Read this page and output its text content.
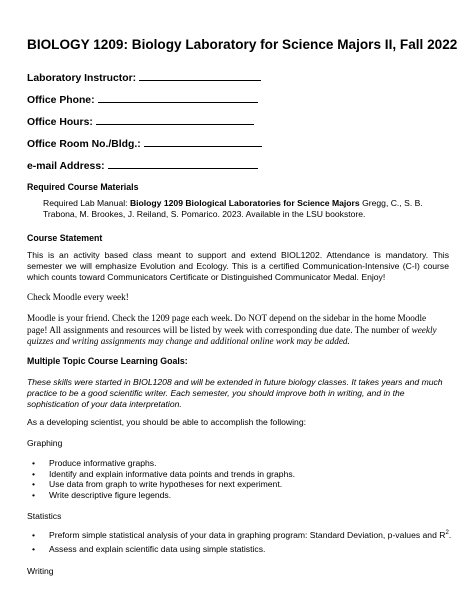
BIOLOGY 1209: Biology Laboratory for Science Majors II, Fall 2022
Laboratory Instructor:
Office Phone:
Office Hours:
Office Room No./Bldg.:
e-mail Address:
Required Course Materials
Required Lab Manual: Biology 1209 Biological Laboratories for Science Majors Gregg, C., S. B.
Trabona, M. Brookes, J. Reiland, S. Pomarico. 2023. Available in the LSU bookstore.
Course Statement
This is an activity based class meant to support and extend BIOL1202. Attendance is mandatory. This semester we will emphasize Evolution and Ecology. This is a certified Communication-Intensive (C-I) course which counts toward Communicators Certificate or Distinguished Communicator Medal. Enjoy!
Check Moodle every week!
Moodle is your friend. Check the 1209 page each week. Do NOT depend on the sidebar in the home Moodle page! All assignments and resources will be listed by week with corresponding due date. The number of weekly quizzes and writing assignments may change and additional online work may be added.
Multiple Topic Course Learning Goals:
These skills were started in BIOL1208 and will be extended in future biology classes. It takes years and much practice to be a good scientific writer. Each semester, you should improve both in writing, and in the sophistication of your data interpretation.
As a developing scientist, you should be able to accomplish the following:
Graphing
• Produce informative graphs.
• Identify and explain informative data points and trends in graphs.
• Use data from graph to write hypotheses for next experiment.
• Write descriptive figure legends.
Statistics
• Preform simple statistical analysis of your data in graphing program: Standard Deviation, p-values and $R^2$.
• Assess and explain scientific data using simple statistics.
Writing
